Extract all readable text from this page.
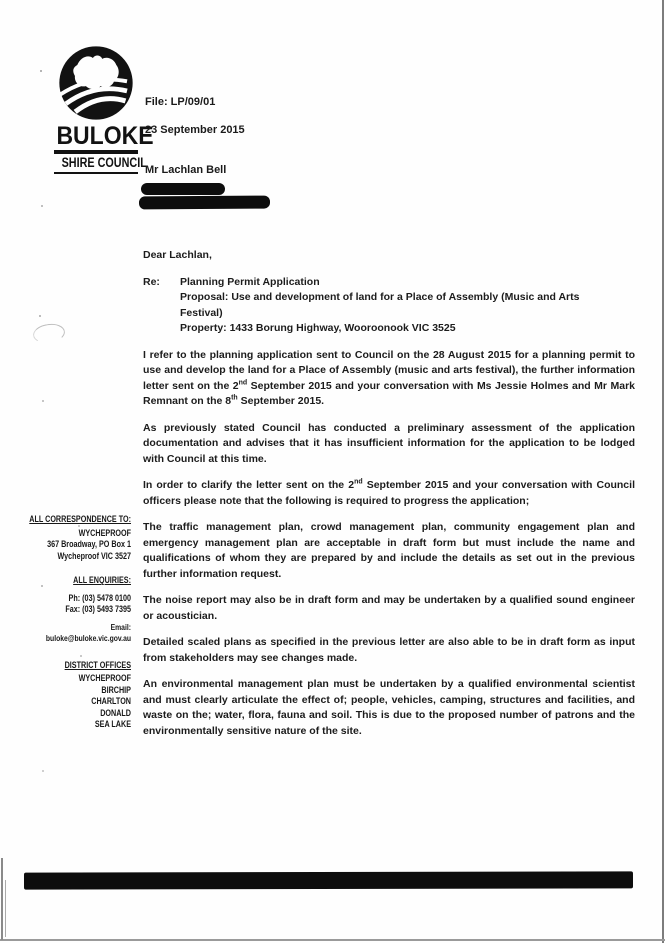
BULOKE
SHIRE COUNCIL
File: LP/09/01
23 September 2015
Mr Lachlan Bell
Dear Lachlan,
Re:	Planning Permit Application
Proposal: Use and development of land for a Place of Assembly (Music and Arts Festival)
Property: 1433 Borung Highway, Wooroonook VIC 3525
I refer to the planning application sent to Council on the 28 August 2015 for a planning permit to use and develop the land for a Place of Assembly (music and arts festival), the further information letter sent on the 2nd September 2015 and your conversation with Ms Jessie Holmes and Mr Mark Remnant on the 8th September 2015.
As previously stated Council has conducted a preliminary assessment of the application documentation and advises that it has insufficient information for the application to be lodged with Council at this time.
In order to clarify the letter sent on the 2nd September 2015 and your conversation with Council officers please note that the following is required to progress the application;
The traffic management plan, crowd management plan, community engagement plan and emergency management plan are acceptable in draft form but must include the name and qualifications of whom they are prepared by and include the details as set out in the previous further information request.
The noise report may also be in draft form and may be undertaken by a qualified sound engineer or acoustician.
Detailed scaled plans as specified in the previous letter are also able to be in draft form as input from stakeholders may see changes made.
An environmental management plan must be undertaken by a qualified environmental scientist and must clearly articulate the effect of; people, vehicles, camping, structures and facilities, and waste on the; water, flora, fauna and soil. This is due to the proposed number of patrons and the environmentally sensitive nature of the site.
ALL CORRESPONDENCE TO:
WYCHEPROOF
367 Broadway, PO Box 1
Wycheproof VIC 3527
ALL ENQUIRIES:
Ph: (03) 5478 0100
Fax: (03) 5493 7395
Email: buloke@buloke.vic.gov.au
DISTRICT OFFICES
WYCHEPROOF
BIRCHIP
CHARLTON
DONALD
SEA LAKE
